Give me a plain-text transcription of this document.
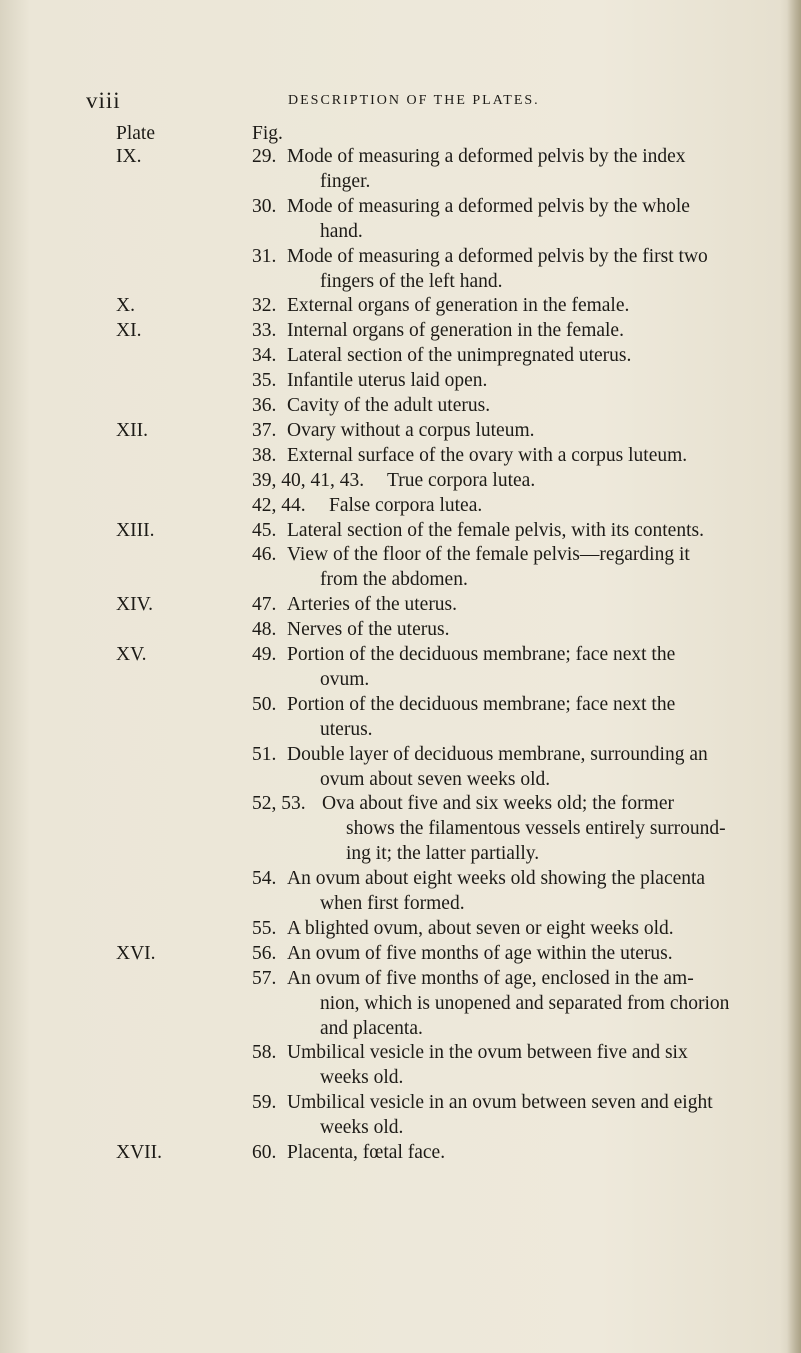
viii	DESCRIPTION OF THE PLATES.
Plate	Fig.
IX.	29. Mode of measuring a deformed pelvis by the index
finger.
30. Mode of measuring a deformed pelvis by the whole
hand.
31. Mode of measuring a deformed pelvis by the first two
fingers of the left hand.
X.	32. External organs of generation in the female.
XI.	33. Internal organs of generation in the female.
34. Lateral section of the unimpregnated uterus.
35. Infantile uterus laid open.
36. Cavity of the adult uterus.
XII.	37. Ovary without a corpus luteum.
38. External surface of the ovary with a corpus luteum.
39, 40, 41, 43. True corpora lutea.
42, 44. False corpora lutea.
XIII.	45. Lateral section of the female pelvis, with its contents.
46. View of the floor of the female pelvis—regarding it
from the abdomen.
XIV.	47. Arteries of the uterus.
48. Nerves of the uterus.
XV.	49. Portion of the deciduous membrane; face next the
ovum.
50. Portion of the deciduous membrane; face next the
uterus.
51. Double layer of deciduous membrane, surrounding an
ovum about seven weeks old.
52, 53. Ova about five and six weeks old; the former
shows the filamentous vessels entirely surround-
ing it; the latter partially.
54. An ovum about eight weeks old showing the placenta
when first formed.
55. A blighted ovum, about seven or eight weeks old.
XVI.	56. An ovum of five months of age within the uterus.
57. An ovum of five months of age, enclosed in the am-
nion, which is unopened and separated from chorion
and placenta.
58. Umbilical vesicle in the ovum between five and six
weeks old.
59. Umbilical vesicle in an ovum between seven and eight
weeks old.
XVII.	60. Placenta, fœtal face.
